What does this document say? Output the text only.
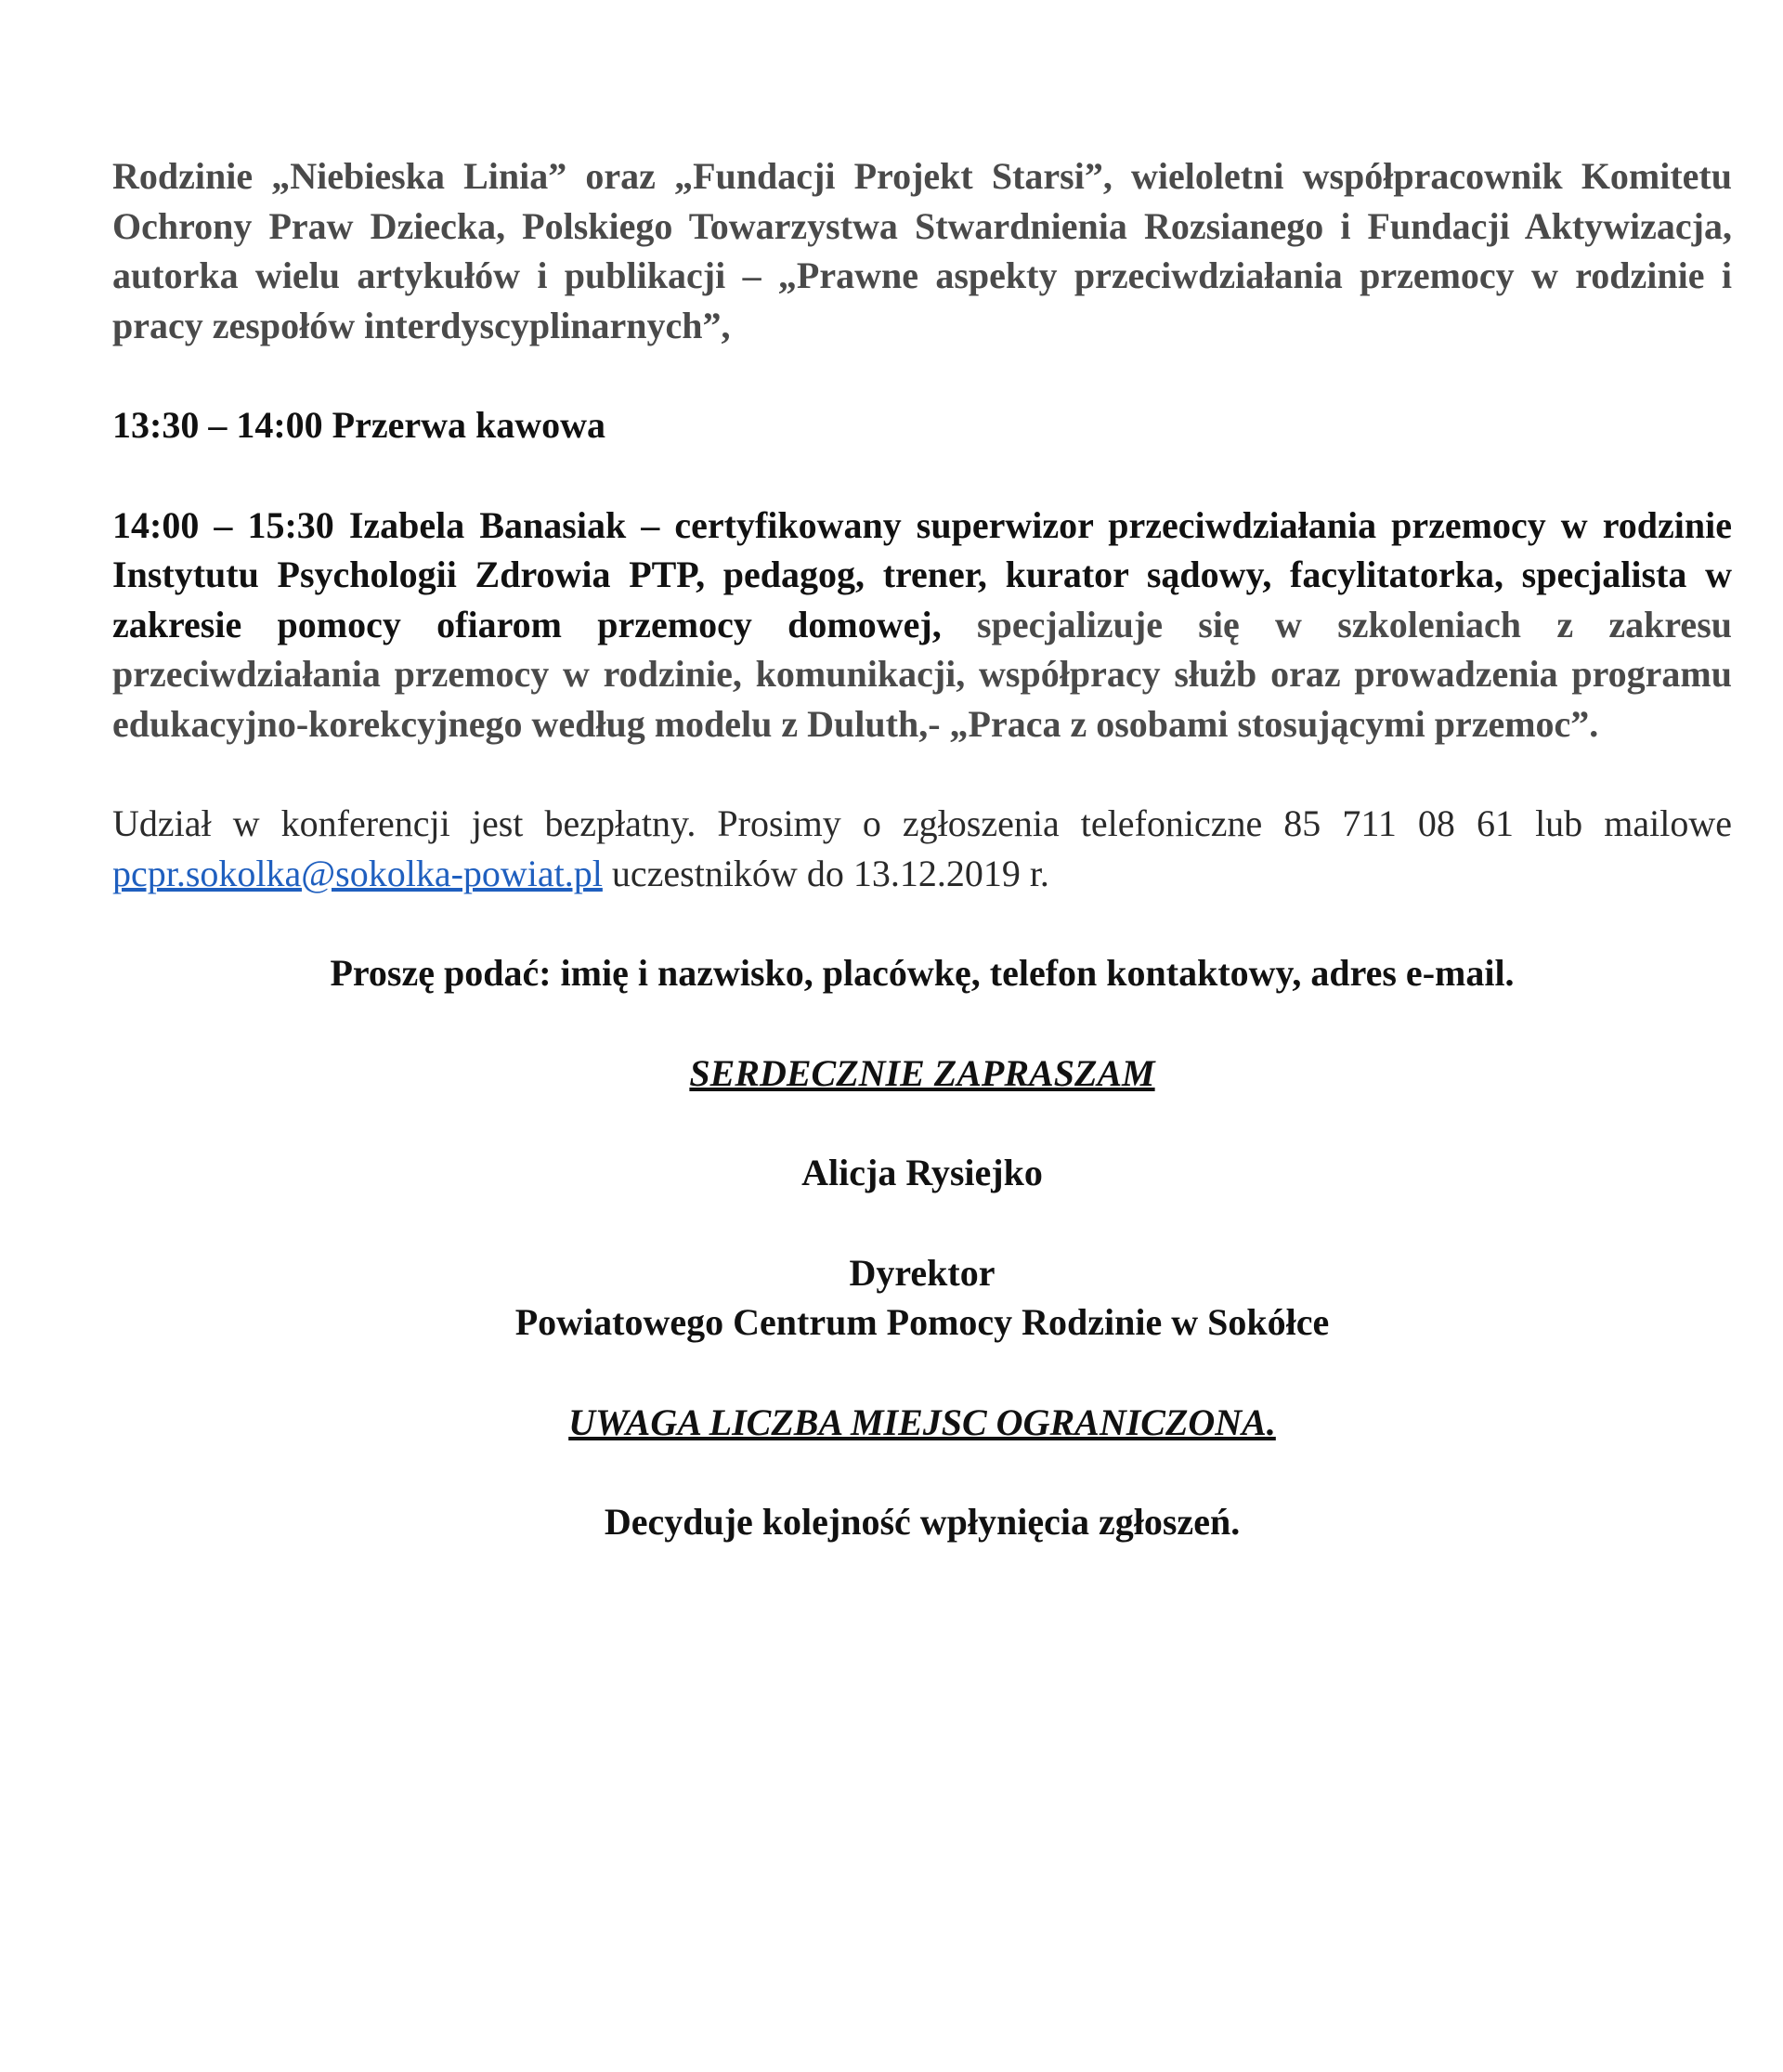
Rodzinie „Niebieska Linia” oraz „Fundacji Projekt Starsi”, wieloletni współpracownik Komitetu Ochrony Praw Dziecka, Polskiego Towarzystwa Stwardnienia Rozsianego i Fundacji Aktywizacja, autorka wielu artykułów i publikacji – „Prawne aspekty przeciwdziałania przemocy w rodzinie i pracy zespołów interdyscyplinarnych”,

13:30 – 14:00 Przerwa kawowa

14:00 – 15:30 Izabela Banasiak – certyfikowany superwizor przeciwdziałania przemocy w rodzinie Instytutu Psychologii Zdrowia PTP, pedagog, trener, kurator sądowy, facylitatorka, specjalista w zakresie pomocy ofiarom przemocy domowej, specjalizuje się w szkoleniach z zakresu przeciwdziałania przemocy w rodzinie, komunikacji, współpracy służb oraz prowadzenia programu edukacyjno-korekcyjnego według modelu z Duluth,- „Praca z osobami stosującymi przemoc”.

Udział w konferencji jest bezpłatny. Prosimy o zgłoszenia telefoniczne 85 711 08 61 lub mailowe pcpr.sokolka@sokolka-powiat.pl uczestników do 13.12.2019 r.

Proszę podać: imię i nazwisko, placówkę, telefon kontaktowy, adres e-mail.

SERDECZNIE ZAPRASZAM

Alicja Rysiejko

Dyrektor

Powiatowego Centrum Pomocy Rodzinie w Sokółce

UWAGA LICZBA MIEJSC OGRANICZONA.

Decyduje kolejność wpłynięcia zgłoszeń.
